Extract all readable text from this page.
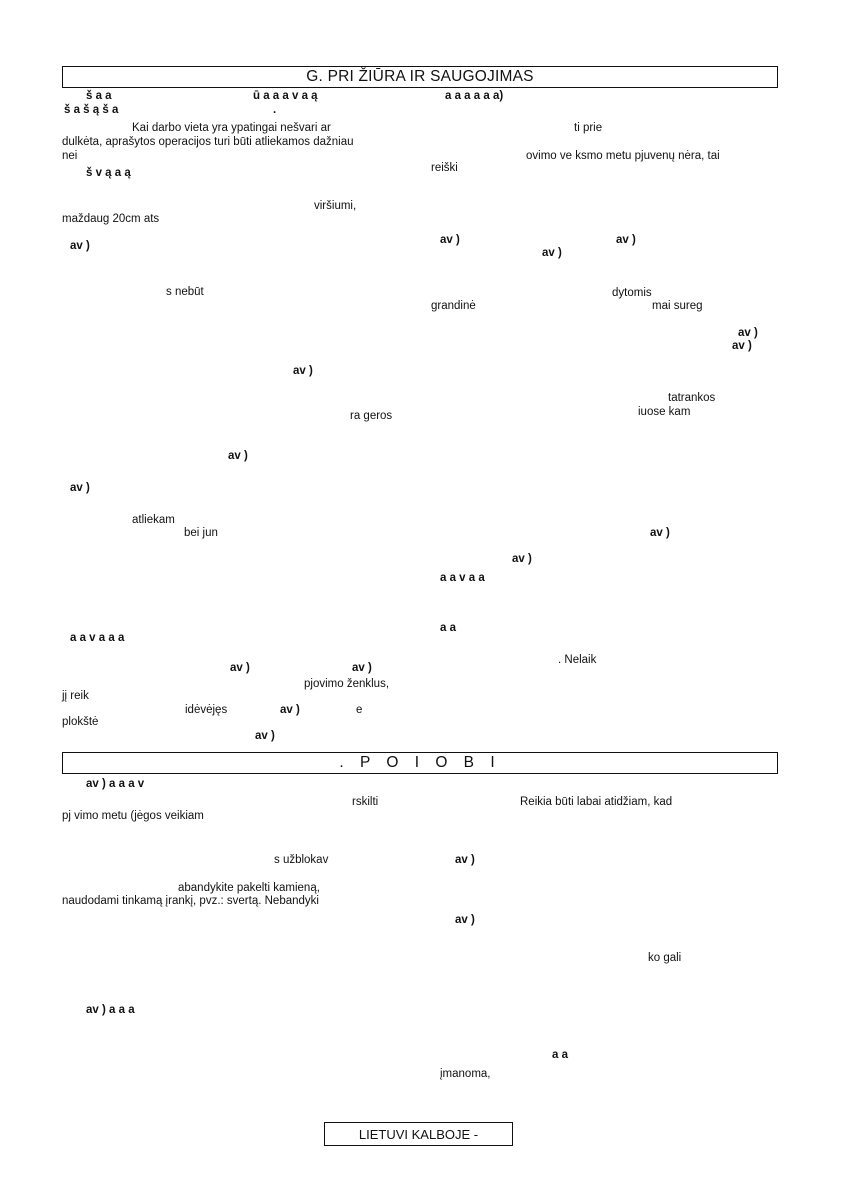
G. PRI ŽIŪRA IR SAUGOJIMAS
š a a	ū a a a v a ą	a a a a a a)
š a š ą š a	.
Kai darbo vieta yra ypatingai nešvari ar	ti prie
dulkėta, aprašytos operacijos turi būti atliekamos dažniau
nei	ovimo ve ksmo metu pjuvenų nėra, tai
reiški
š v ą a ą
viršiumi,
maždaug 20cm ats
av )	av )	av )
av )
s nebūt	dytomis
grandinė	mai sureg
av )
av )
av )
tatrankos
ra geros	iuose kam
av )
av )
atliekam
bei jun	av )
av )
a a v a a
a a
a a v a a a
. Nelaik
av )	av )
pjovimo ženklus,
jį reik
idėvėjęs	av )	e
plokštė
av )
. P O I O B I
av ) a a a v
rskilti	Reikia būti labai atidžiam, kad
pj vimo metu (jėgos veikiam
s užblokav	av )
abandykite pakelti kamieną,
naudodami tinkamą įrankį, pvz.: svertą. Nebandyki
av )
ko gali
av ) a a a
a a
įmanoma,
LIETUVI KALBOJE -
